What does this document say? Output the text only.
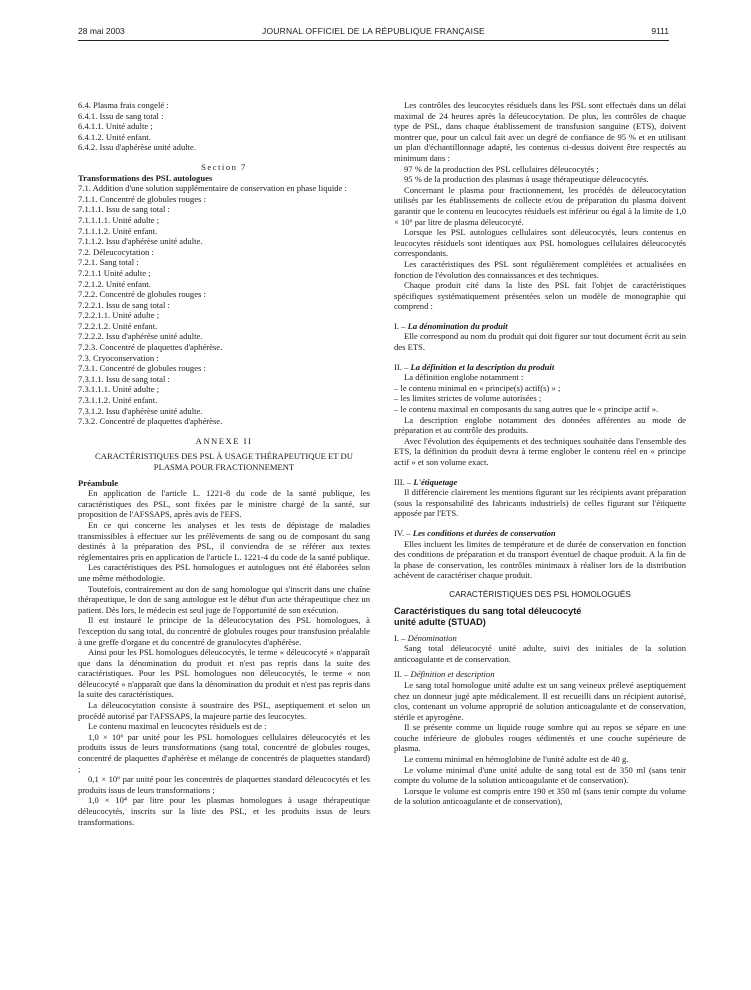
28 mai 2003	JOURNAL OFFICIEL DE LA RÉPUBLIQUE FRANÇAISE	9111

6.4. Plasma frais congelé :

6.4.1. Issu de sang total :

6.4.1.1. Unité adulte ;

6.4.1.2. Unité enfant.

6.4.2. Issu d'aphérèse unité adulte.

Section 7

Transformations des PSL autologues

7.1. Addition d'une solution supplémentaire de conservation en phase liquide :

7.1.1. Concentré de globules rouges :

7.1.1.1. Issu de sang total :

7.1.1.1.1. Unité adulte ;

7.1.1.1.2. Unité enfant.

7.1.1.2. Issu d'aphérèse unité adulte.

7.2. Déleucocytation :

7.2.1. Sang total :

7.2.1.1 Unité adulte ;

7.2.1.2. Unité enfant.

7.2.2. Concentré de globules rouges :

7.2.2.1. Issu de sang total :

7.2.2.1.1. Unité adulte ;

7.2.2.1.2. Unité enfant.

7.2.2.2. Issu d'aphérèse unité adulte.

7.2.3. Concentré de plaquettes d'aphérèse.

7.3. Cryoconservation :

7.3.1. Concentré de globules rouges :

7.3.1.1. Issu de sang total :

7.3.1.1.1. Unité adulte ;

7.3.1.1.2. Unité enfant.

7.3.1.2. Issu d'aphérèse unité adulte.

7.3.2. Concentré de plaquettes d'aphérèse.

ANNEXE II

CARACTÉRISTIQUES DES PSL À USAGE THÉRAPEUTIQUE ET DU PLASMA POUR FRACTIONNEMENT

Préambule

En application de l'article L. 1221-8 du code de la santé publique, les caractéristiques des PSL, sont fixées par le ministre chargé de la santé, sur proposition de l'AFSSAPS, après avis de l'EFS.

En ce qui concerne les analyses et les tests de dépistage de maladies transmissibles à effectuer sur les prélèvements de sang ou de composant du sang destinés à la préparation des PSL, il conviendra de se référer aux textes réglementaires pris en application de l'article L. 1221-4 du code de la santé publique.

Les caractéristiques des PSL homologues et autologues ont été élaborées selon une même méthodologie.

Toutefois, contrairement au don de sang homologue qui s'inscrit dans une chaîne thérapeutique, le don de sang autologue est le début d'un acte thérapeutique chez un patient. Dès lors, le médecin est seul juge de l'opportunité de son exécution.

Il est instauré le principe de la déleucocytation des PSL homologues, à l'exception du sang total, du concentré de globules rouges pour transfusion préalable à une greffe d'organe et du concentré de granulocytes d'aphérèse.

Ainsi pour les PSL homologues déleucocytés, le terme « déleucocyté » n'apparaît que dans la dénomination du produit et n'est pas repris dans la suite des caractéristiques. Pour les PSL homologues non déleucocytés, le terme « non déleucocyté » n'apparaît que dans la dénomination du produit et n'est pas repris dans la suite des caractéristiques.

La déleucocytation consiste à soustraire des PSL, aseptiquement et selon un procédé autorisé par l'AFSSAPS, la majeure partie des leucocytes.

Le contenu maximal en leucocytes résiduels est de :

1,0 × 10⁶ par unité pour les PSL homologues cellulaires déleucocytés et les produits issus de leurs transformations (sang total, concentré de globules rouges, concentré de plaquettes d'aphérèse et mélange de concentrés de plaquettes standard) ;

0,1 × 10⁶ par unité pour les concentrés de plaquettes standard déleucocytés et les produits issus de leurs transformations ;

1,0 × 10⁴ par litre pour les plasmas homologues à usage thérapeutique déleucocytés, inscrits sur la liste des PSL, et les produits issus de leurs transformations.

Les contrôles des leucocytes résiduels dans les PSL sont effectués dans un délai maximal de 24 heures après la déleucocytation. De plus, les contrôles de chaque type de PSL, dans chaque établissement de transfusion sanguine (ETS), doivent montrer que, pour un calcul fait avec un degré de confiance de 95 % et en utilisant un plan d'échantillonnage adapté, les contenus ci-dessus doivent être respectés au minimum dans :

97 % de la production des PSL cellulaires déleucocytés ;

95 % de la production des plasmas à usage thérapeutique déleucocytés.

Concernant le plasma pour fractionnement, les procédés de déleucocytation utilisés par les établissements de collecte et/ou de préparation du plasma doivent garantir que le contenu en leucocytes résiduels est inférieur ou égal à la limite de 1,0 × 10⁶ par litre de plasma déleucocyté.

Lorsque les PSL autologues cellulaires sont déleucocytés, leurs contenus en leucocytes résiduels sont identiques aux PSL homologues cellulaires déleucocytés correspondants.

Les caractéristiques des PSL sont régulièrement complétées et actualisées en fonction de l'évolution des connaissances et des techniques.

Chaque produit cité dans la liste des PSL fait l'objet de caractéristiques spécifiques systématiquement présentées selon un modèle de monographie qui comprend :

I. – La dénomination du produit

Elle correspond au nom du produit qui doit figurer sur tout document écrit au sein des ETS.

II. – La définition et la description du produit

La définition englobe notamment :

– le contenu minimal en « principe(s) actif(s) » ;

– les limites strictes de volume autorisées ;

– le contenu maximal en composants du sang autres que le « principe actif ».

La description englobe notamment des données afférentes au mode de préparation et au contrôle des produits.

Avec l'évolution des équipements et des techniques souhaitée dans l'ensemble des ETS, la définition du produit devra à terme englober le contenu réel en « principe actif » et son volume exact.

III. – L'étiquetage

Il différencie clairement les mentions figurant sur les récipients avant préparation (sous la responsabilité des fabricants industriels) de celles figurant sur l'étiquette apposée par l'ETS.

IV. – Les conditions et durées de conservation

Elles incluent les limites de température et de durée de conservation en fonction des conditions de préparation et du transport éventuel de chaque produit. A la fin de la phase de conservation, les contrôles minimaux à réaliser lors de la distribution achèvent de caractériser chaque produit.

CARACTÉRISTIQUES DES PSL HOMOLOGUÉS

Caractéristiques du sang total déleucocyté

unité adulte (STUAD)

I. – Dénomination

Sang total déleucocyté unité adulte, suivi des initiales de la solution anticoagulante et de conservation.

II. – Définition et description

Le sang total homologue unité adulte est un sang veineux prélevé aseptiquement chez un donneur jugé apte médicalement. Il est recueilli dans un récipient autorisé, clos, contenant un volume approprié de solution anticoagulante et de conservation, stérile et apyrogène.

Il se présente comme un liquide rouge sombre qui au repos se sépare en une couche inférieure de globules rouges sédimentés et une couche supérieure de plasma.

Le contenu minimal en hémoglobine de l'unité adulte est de 40 g.

Le volume minimal d'une unité adulte de sang total est de 350 ml (sans tenir compte du volume de la solution anticoagulante et de conservation).

Lorsque le volume est compris entre 190 et 350 ml (sans tenir compte du volume de la solution anticoagulante et de conservation),
